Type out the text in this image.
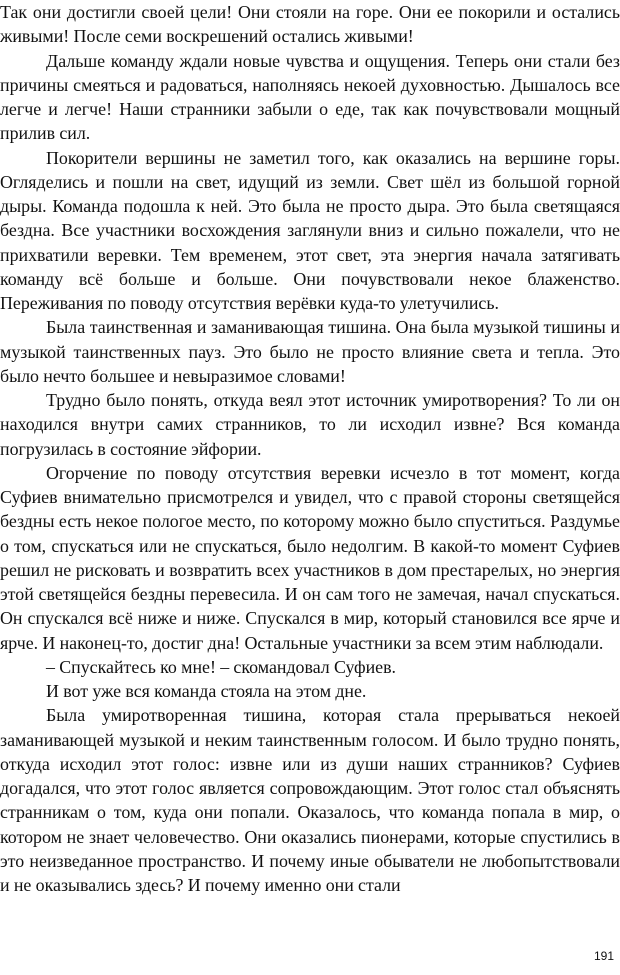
Так они достигли своей цели! Они стояли на горе. Они ее покорили и остались живыми! После семи воскрешений остались живыми!

Дальше команду ждали новые чувства и ощущения. Теперь они стали без причины смеяться и радоваться, наполняясь некоей духовностью. Дышалось все легче и легче! Наши странники забыли о еде, так как почувствовали мощный прилив сил.

Покорители вершины не заметил того, как оказались на вершине горы. Огляделись и пошли на свет, идущий из земли. Свет шёл из большой горной дыры. Команда подошла к ней. Это была не просто дыра. Это была светящаяся бездна. Все участники восхождения заглянули вниз и сильно пожалели, что не прихватили веревки. Тем временем, этот свет, эта энергия начала затягивать команду всё больше и больше. Они почувствовали некое блаженство. Переживания по поводу отсутствия верёвки куда-то улетучились.

Была таинственная и заманивающая тишина. Она была музыкой тишины и музыкой таинственных пауз. Это было не просто влияние света и тепла. Это было нечто большее и невыразимое словами!

Трудно было понять, откуда веял этот источник умиротворения? То ли он находился внутри самих странников, то ли исходил извне? Вся команда погрузилась в состояние эйфории.

Огорчение по поводу отсутствия веревки исчезло в тот момент, когда Суфиев внимательно присмотрелся и увидел, что с правой стороны светящейся бездны есть некое пологое место, по которому можно было спуститься. Раздумье о том, спускаться или не спускаться, было недолгим. В какой-то момент Суфиев решил не рисковать и возвратить всех участников в дом престарелых, но энергия этой светящейся бездны перевесила. И он сам того не замечая, начал спускаться. Он спускался всё ниже и ниже. Спускался в мир, который становился все ярче и ярче. И наконец-то, достиг дна! Остальные участники за всем этим наблюдали.

– Спускайтесь ко мне! – скомандовал Суфиев.

И вот уже вся команда стояла на этом дне.

Была умиротворенная тишина, которая стала прерываться некоей заманивающей музыкой и неким таинственным голосом. И было трудно понять, откуда исходил этот голос: извне или из души наших странников? Суфиев догадался, что этот голос является сопровождающим. Этот голос стал объяснять странникам о том, куда они попали. Оказалось, что команда попала в мир, о котором не знает человечество. Они оказались пионерами, которые спустились в это неизведанное пространство. И почему иные обыватели не любопытствовали и не оказывались здесь? И почему именно они стали

191
